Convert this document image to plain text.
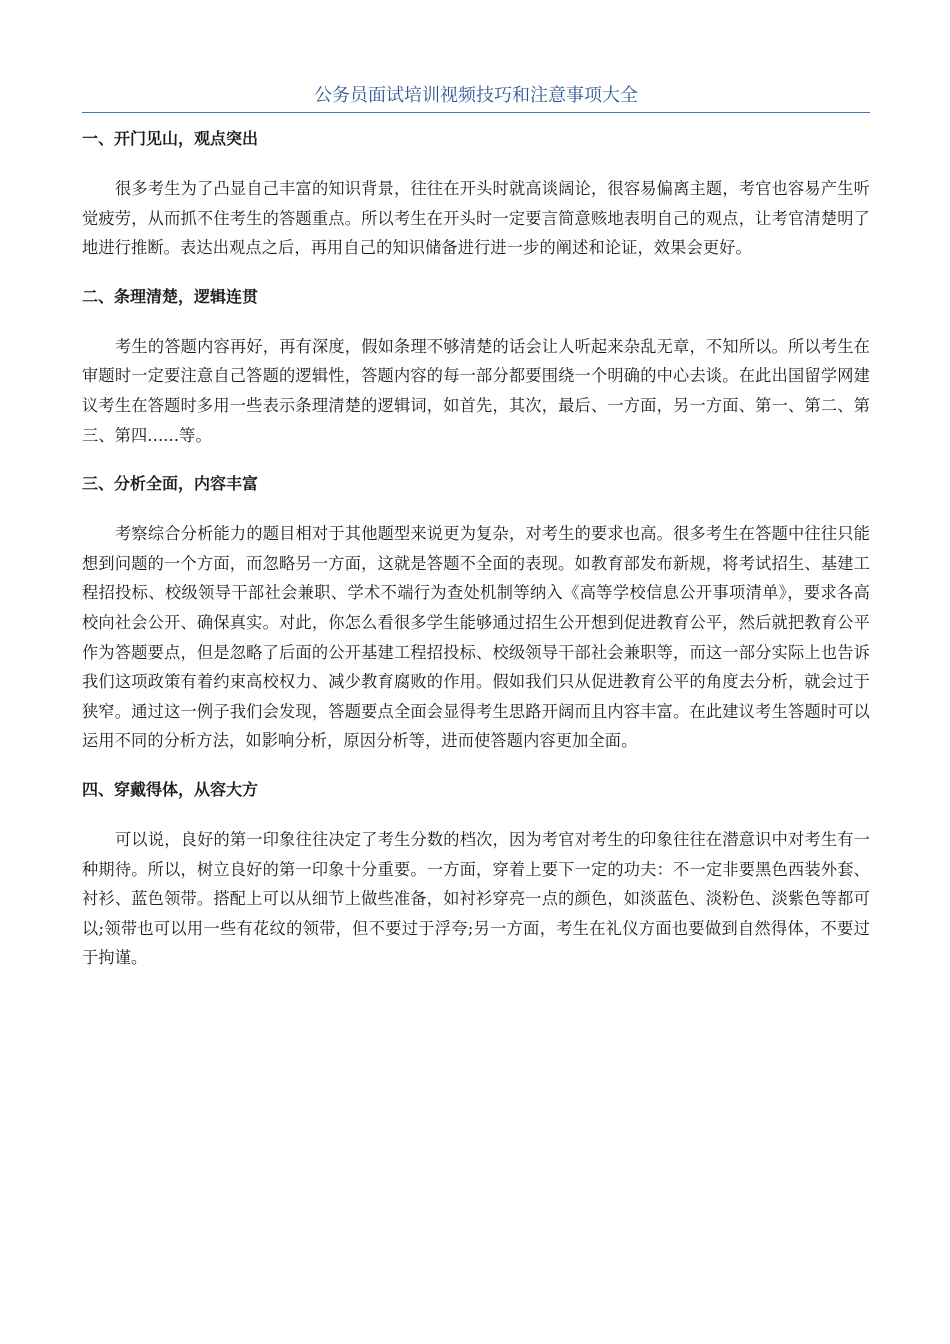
公务员面试培训视频技巧和注意事项大全

一、开门见山，观点突出

很多考生为了凸显自己丰富的知识背景，往往在开头时就高谈阔论，很容易偏离主题，考官也容易产生听觉疲劳，从而抓不住考生的答题重点。所以考生在开头时一定要言简意赅地表明自己的观点，让考官清楚明了地进行推断。表达出观点之后，再用自己的知识储备进行进一步的阐述和论证，效果会更好。

二、条理清楚，逻辑连贯

考生的答题内容再好，再有深度，假如条理不够清楚的话会让人听起来杂乱无章，不知所以。所以考生在审题时一定要注意自己答题的逻辑性，答题内容的每一部分都要围绕一个明确的中心去谈。在此出国留学网建议考生在答题时多用一些表示条理清楚的逻辑词，如首先，其次，最后、一方面，另一方面、第一、第二、第三、第四......等。

三、分析全面，内容丰富

考察综合分析能力的题目相对于其他题型来说更为复杂，对考生的要求也高。很多考生在答题中往往只能想到问题的一个方面，而忽略另一方面，这就是答题不全面的表现。如教育部发布新规，将考试招生、基建工程招投标、校级领导干部社会兼职、学术不端行为查处机制等纳入《高等学校信息公开事项清单》，要求各高校向社会公开、确保真实。对此，你怎么看很多学生能够通过招生公开想到促进教育公平，然后就把教育公平作为答题要点，但是忽略了后面的公开基建工程招投标、校级领导干部社会兼职等，而这一部分实际上也告诉我们这项政策有着约束高校权力、减少教育腐败的作用。假如我们只从促进教育公平的角度去分析，就会过于狭窄。通过这一例子我们会发现，答题要点全面会显得考生思路开阔而且内容丰富。在此建议考生答题时可以运用不同的分析方法，如影响分析，原因分析等，进而使答题内容更加全面。

四、穿戴得体，从容大方

可以说，良好的第一印象往往决定了考生分数的档次，因为考官对考生的印象往往在潜意识中对考生有一种期待。所以，树立良好的第一印象十分重要。一方面，穿着上要下一定的功夫：不一定非要黑色西装外套、衬衫、蓝色领带。搭配上可以从细节上做些准备，如衬衫穿亮一点的颜色，如淡蓝色、淡粉色、淡紫色等都可以;领带也可以用一些有花纹的领带，但不要过于浮夸;另一方面，考生在礼仪方面也要做到自然得体，不要过于拘谨。
